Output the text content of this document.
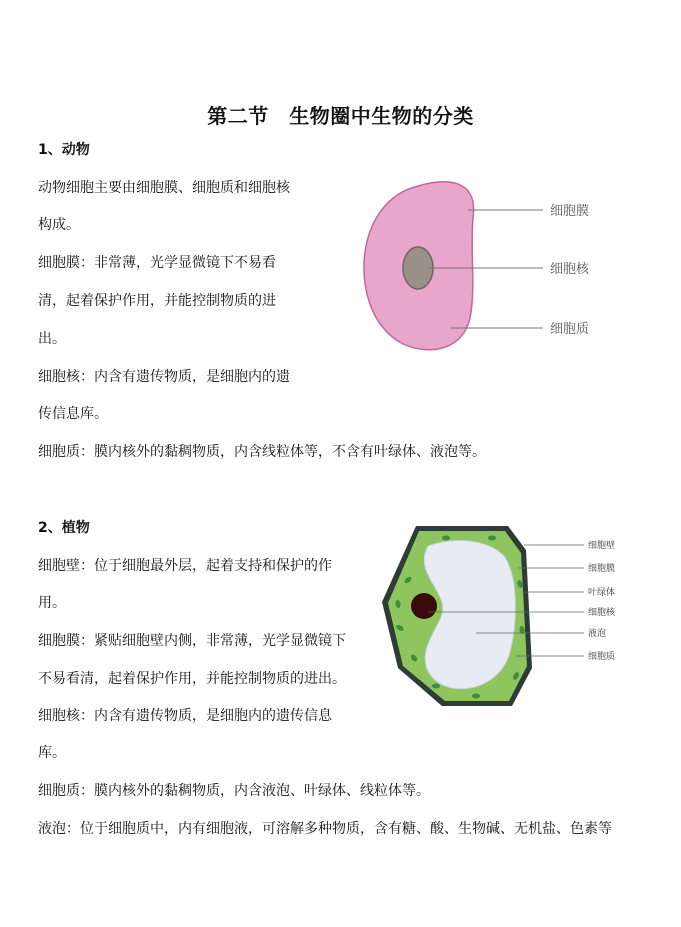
第二节　生物圈中生物的分类
1、动物
动物细胞主要由细胞膜、细胞质和细胞核
构成。
细胞膜：非常薄，光学显微镜下不易看
清，起着保护作用，并能控制物质的进
出。
细胞核：内含有遗传物质，是细胞内的遗
传信息库。
细胞质：膜内核外的黏稠物质，内含线粒体等，不含有叶绿体、液泡等。
细胞膜
细胞核
细胞质
2、植物
细胞壁：位于细胞最外层，起着支持和保护的作
用。
细胞膜：紧贴细胞壁内侧，非常薄，光学显微镜下
不易看清，起着保护作用，并能控制物质的进出。
细胞核：内含有遗传物质，是细胞内的遗传信息
库。
细胞质：膜内核外的黏稠物质，内含液泡、叶绿体、线粒体等。
液泡：位于细胞质中，内有细胞液，可溶解多种物质，含有糖、酸、生物碱、无机盐、色素等
细胞壁
细胞膜
叶绿体
细胞核
液泡
细胞质
